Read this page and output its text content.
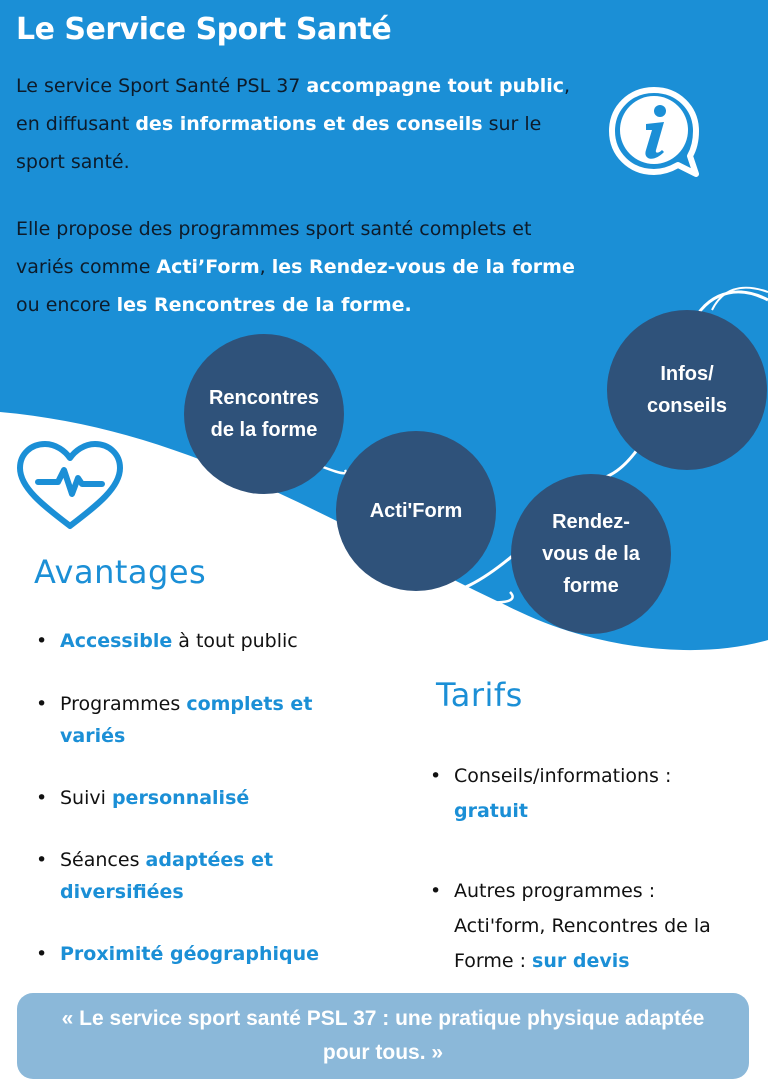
Le Service Sport Santé
Le service Sport Santé PSL 37 accompagne tout public, en diffusant des informations et des conseils sur le sport santé.
Elle propose des programmes sport santé complets et variés comme Acti’Form, les Rendez-vous de la forme ou encore les Rencontres de la forme.
Rencontres de la forme
Acti'Form	Rendez-vous de la forme
Infos/ conseils
Avantages
• Accessible à tout public
• Programmes complets et variés
• Suivi personnalisé
• Séances adaptées et diversifiées
• Proximité géographique
Tarifs
• Conseils/informations : gratuit
• Autres programmes : Acti'form, Rencontres de la Forme : sur devis
« Le service sport santé PSL 37 : une pratique physique adaptée pour tous. »
